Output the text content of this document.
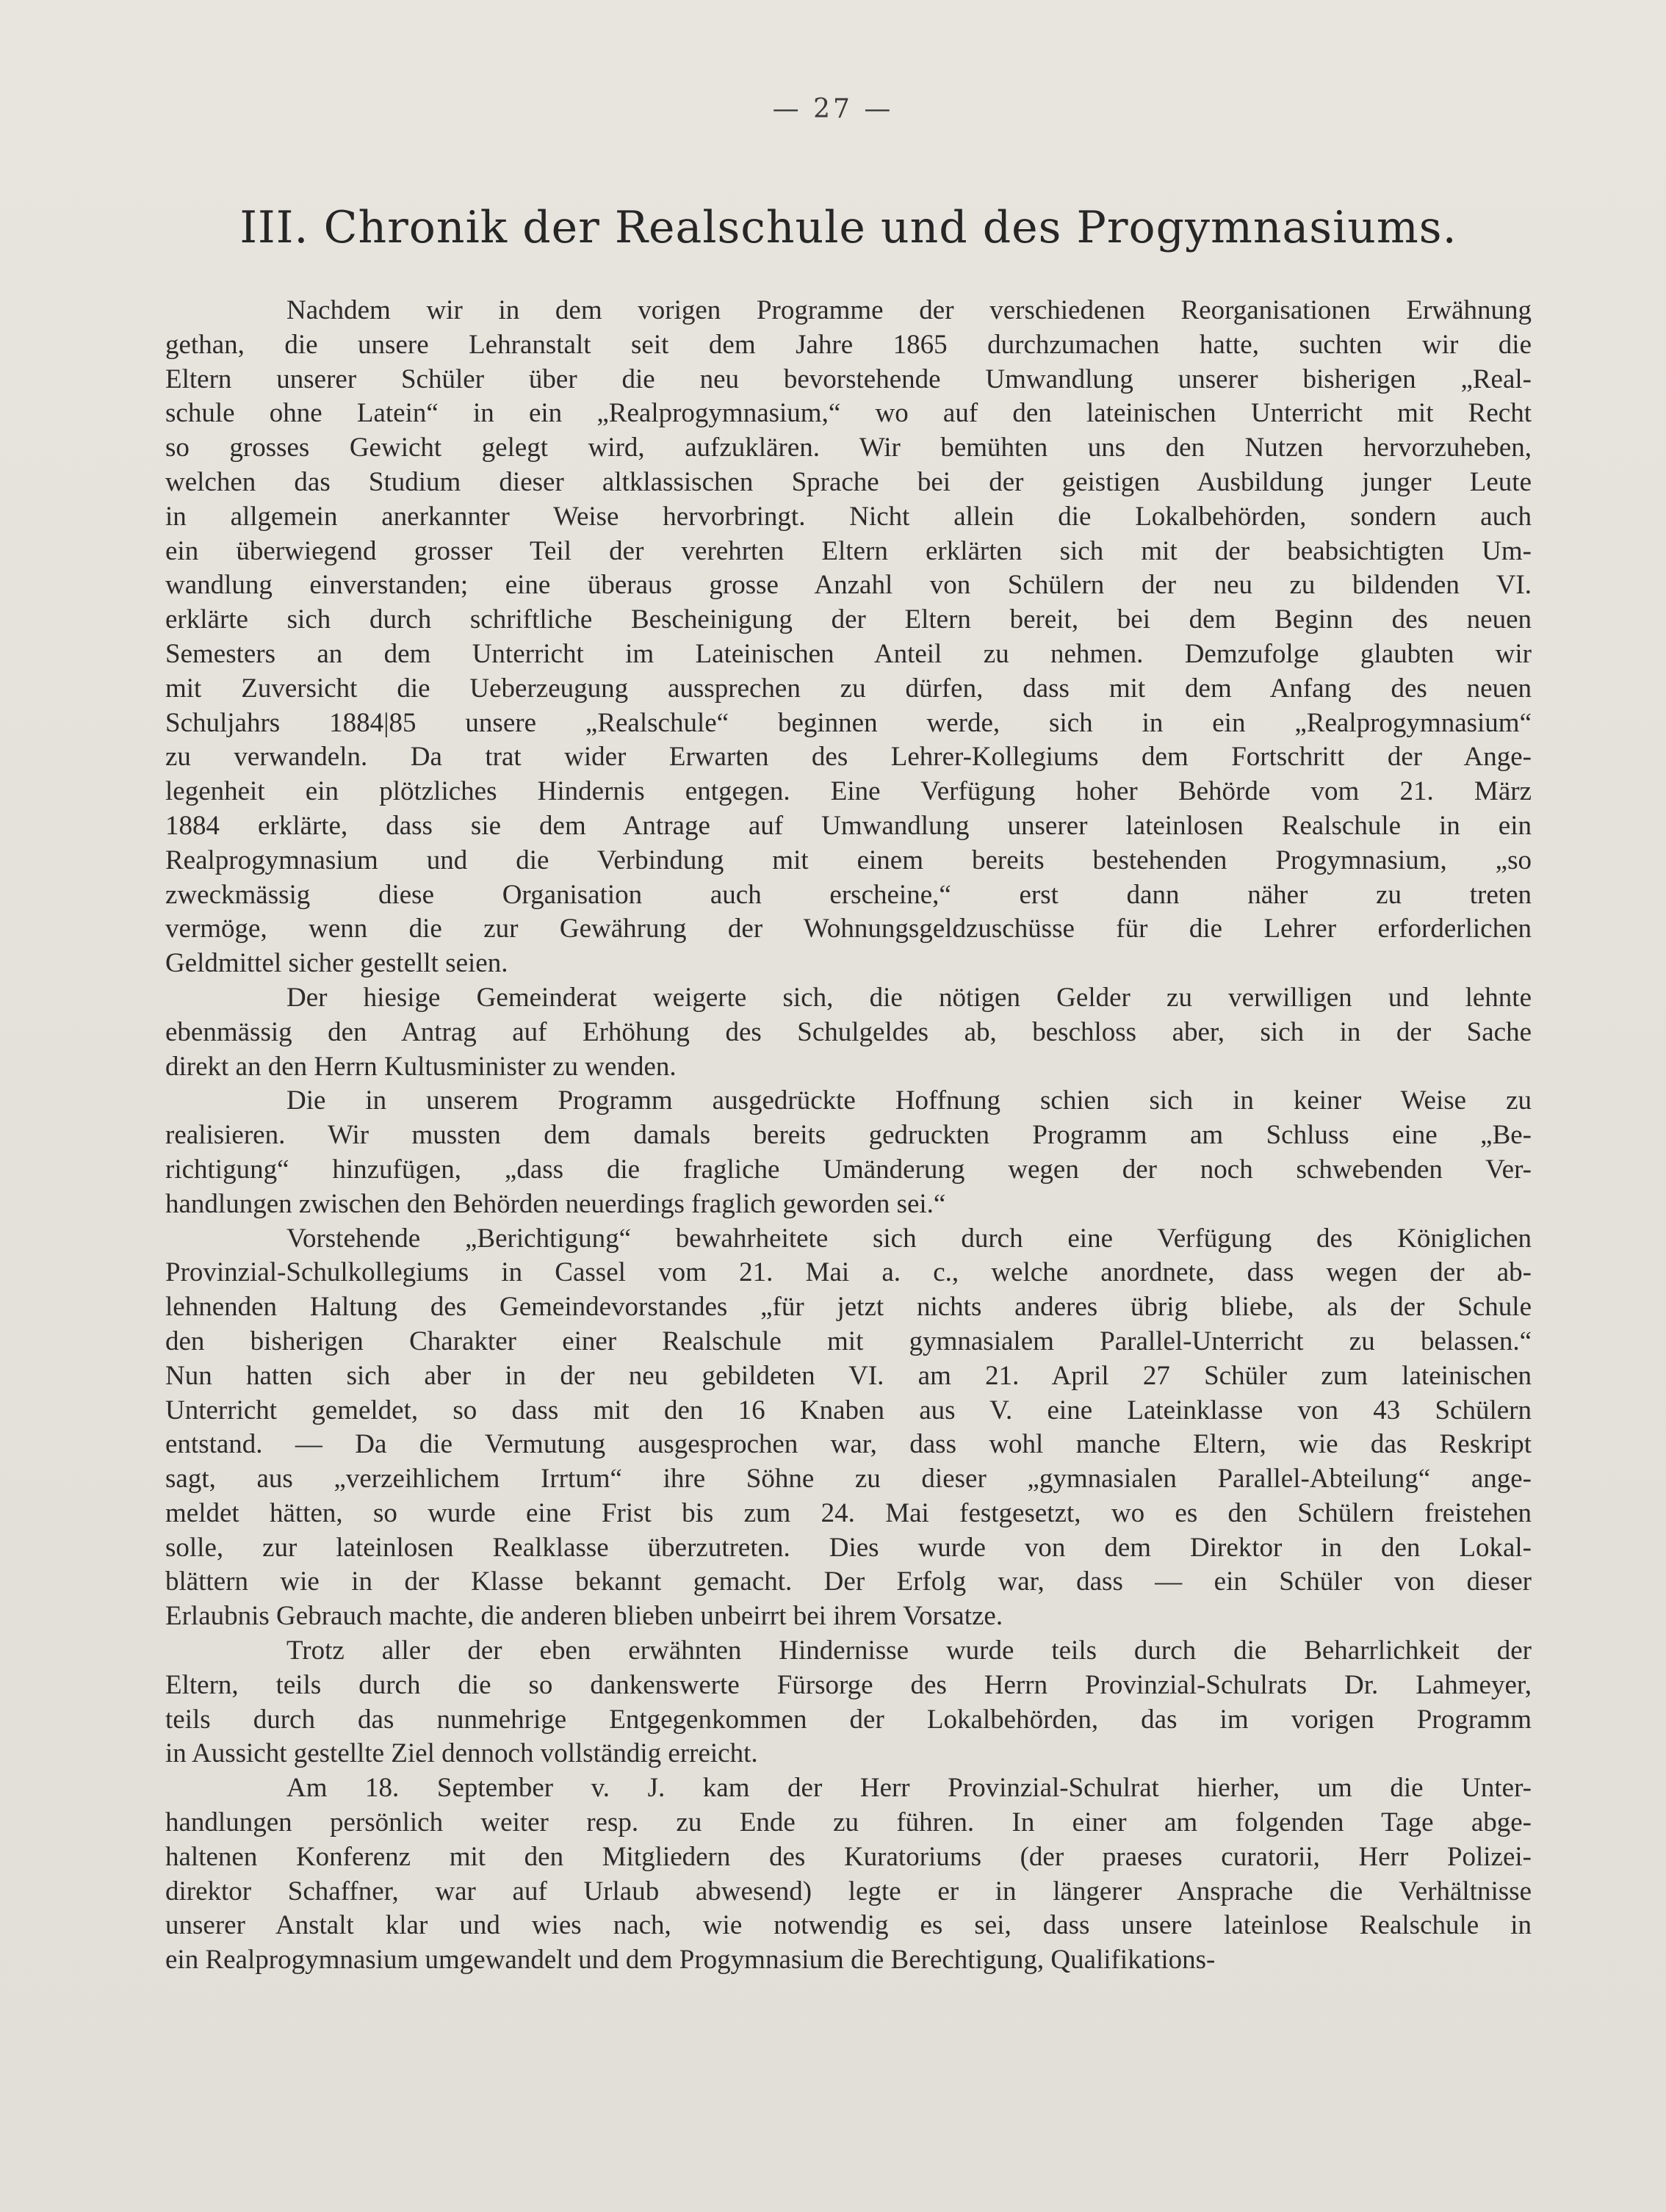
— 27 —
III. Chronik der Realschule und des Progymnasiums.
Nachdem wir in dem vorigen Programme der verschiedenen Reorganisationen Erwähnung
gethan, die unsere Lehranstalt seit dem Jahre 1865 durchzumachen hatte, suchten wir die
Eltern unserer Schüler über die neu bevorstehende Umwandlung unserer bisherigen „Real-
schule ohne Latein“ in ein „Realprogymnasium,“ wo auf den lateinischen Unterricht mit Recht
so grosses Gewicht gelegt wird, aufzuklären. Wir bemühten uns den Nutzen hervorzuheben,
welchen das Studium dieser altklassischen Sprache bei der geistigen Ausbildung junger Leute
in allgemein anerkannter Weise hervorbringt. Nicht allein die Lokalbehörden, sondern auch
ein überwiegend grosser Teil der verehrten Eltern erklärten sich mit der beabsichtigten Um-
wandlung einverstanden; eine überaus grosse Anzahl von Schülern der neu zu bildenden VI.
erklärte sich durch schriftliche Bescheinigung der Eltern bereit, bei dem Beginn des neuen
Semesters an dem Unterricht im Lateinischen Anteil zu nehmen. Demzufolge glaubten wir
mit Zuversicht die Ueberzeugung aussprechen zu dürfen, dass mit dem Anfang des neuen
Schuljahrs 1884|85 unsere „Realschule“ beginnen werde, sich in ein „Realprogymnasium“
zu verwandeln. Da trat wider Erwarten des Lehrer-Kollegiums dem Fortschritt der Ange-
legenheit ein plötzliches Hindernis entgegen. Eine Verfügung hoher Behörde vom 21. März
1884 erklärte, dass sie dem Antrage auf Umwandlung unserer lateinlosen Realschule in ein
Realprogymnasium und die Verbindung mit einem bereits bestehenden Progymnasium, „so
zweckmässig diese Organisation auch erscheine,“ erst dann näher zu treten
vermöge, wenn die zur Gewährung der Wohnungsgeldzuschüsse für die Lehrer erforderlichen
Geldmittel sicher gestellt seien.
Der hiesige Gemeinderat weigerte sich, die nötigen Gelder zu verwilligen und lehnte
ebenmässig den Antrag auf Erhöhung des Schulgeldes ab, beschloss aber, sich in der Sache
direkt an den Herrn Kultusminister zu wenden.
Die in unserem Programm ausgedrückte Hoffnung schien sich in keiner Weise zu
realisieren. Wir mussten dem damals bereits gedruckten Programm am Schluss eine „Be-
richtigung“ hinzufügen, „dass die fragliche Umänderung wegen der noch schwebenden Ver-
handlungen zwischen den Behörden neuerdings fraglich geworden sei.“
Vorstehende „Berichtigung“ bewahrheitete sich durch eine Verfügung des Königlichen
Provinzial-Schulkollegiums in Cassel vom 21. Mai a. c., welche anordnete, dass wegen der ab-
lehnenden Haltung des Gemeindevorstandes „für jetzt nichts anderes übrig bliebe, als der Schule
den bisherigen Charakter einer Realschule mit gymnasialem Parallel-Unterricht zu belassen.“
Nun hatten sich aber in der neu gebildeten VI. am 21. April 27 Schüler zum lateinischen
Unterricht gemeldet, so dass mit den 16 Knaben aus V. eine Lateinklasse von 43 Schülern
entstand. — Da die Vermutung ausgesprochen war, dass wohl manche Eltern, wie das Reskript
sagt, aus „verzeihlichem Irrtum“ ihre Söhne zu dieser „gymnasialen Parallel-Abteilung“ ange-
meldet hätten, so wurde eine Frist bis zum 24. Mai festgesetzt, wo es den Schülern freistehen
solle, zur lateinlosen Realklasse überzutreten. Dies wurde von dem Direktor in den Lokal-
blättern wie in der Klasse bekannt gemacht. Der Erfolg war, dass — ein Schüler von dieser
Erlaubnis Gebrauch machte, die anderen blieben unbeirrt bei ihrem Vorsatze.
Trotz aller der eben erwähnten Hindernisse wurde teils durch die Beharrlichkeit der
Eltern, teils durch die so dankenswerte Fürsorge des Herrn Provinzial-Schulrats Dr. Lahmeyer,
teils durch das nunmehrige Entgegenkommen der Lokalbehörden, das im vorigen Programm
in Aussicht gestellte Ziel dennoch vollständig erreicht.
Am 18. September v. J. kam der Herr Provinzial-Schulrat hierher, um die Unter-
handlungen persönlich weiter resp. zu Ende zu führen. In einer am folgenden Tage abge-
haltenen Konferenz mit den Mitgliedern des Kuratoriums (der praeses curatorii, Herr Polizei-
direktor Schaffner, war auf Urlaub abwesend) legte er in längerer Ansprache die Verhältnisse
unserer Anstalt klar und wies nach, wie notwendig es sei, dass unsere lateinlose Realschule in
ein Realprogymnasium umgewandelt und dem Progymnasium die Berechtigung, Qualifikations-
